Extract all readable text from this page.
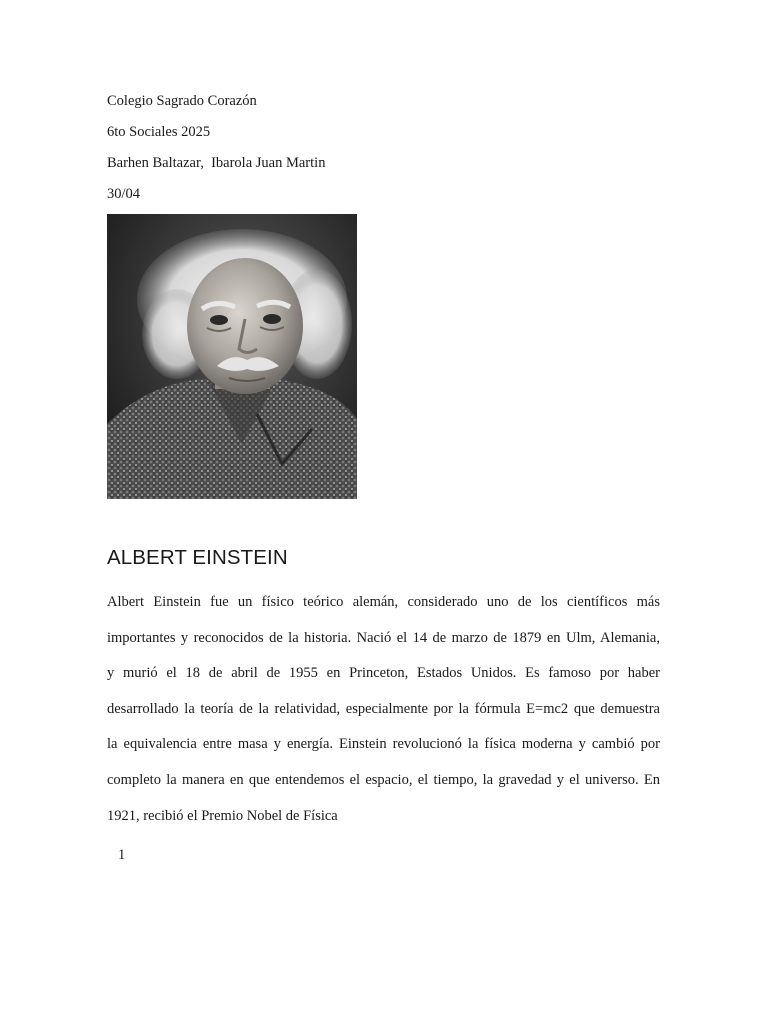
Colegio Sagrado Corazón
6to Sociales 2025
Barhen Baltazar,  Ibarola Juan Martin
30/04
ALBERT EINSTEIN
Albert Einstein fue un físico teórico alemán, considerado uno de los científicos más
importantes y reconocidos de la historia. Nació el 14 de marzo de 1879 en Ulm, Alemania,
y murió el 18 de abril de 1955 en Princeton, Estados Unidos. Es famoso por haber
desarrollado la teoría de la relatividad, especialmente por la fórmula E=mc2 que demuestra
la equivalencia entre masa y energía. Einstein revolucionó la física moderna y cambió por
completo la manera en que entendemos el espacio, el tiempo, la gravedad y el universo. En
1921, recibió el Premio Nobel de Física
1
